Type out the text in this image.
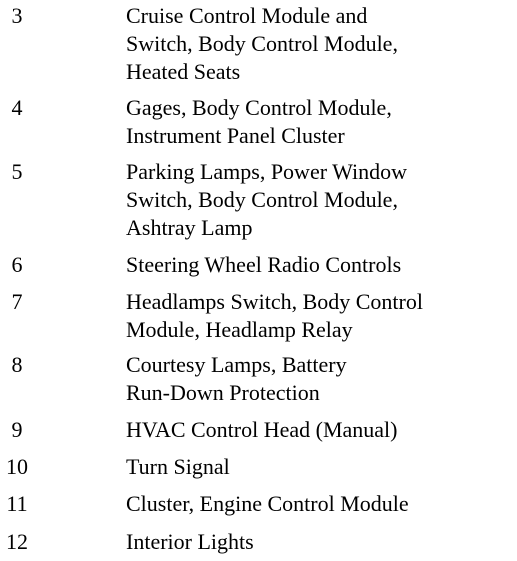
3	Cruise Control Module and
Switch, Body Control Module,
Heated Seats
4	Gages, Body Control Module,
Instrument Panel Cluster
5	Parking Lamps, Power Window
Switch, Body Control Module,
Ashtray Lamp
6	Steering Wheel Radio Controls
7	Headlamps Switch, Body Control
Module, Headlamp Relay
8	Courtesy Lamps, Battery
Run-Down Protection
9	HVAC Control Head (Manual)
10	Turn Signal
11	Cluster, Engine Control Module
12	Interior Lights
